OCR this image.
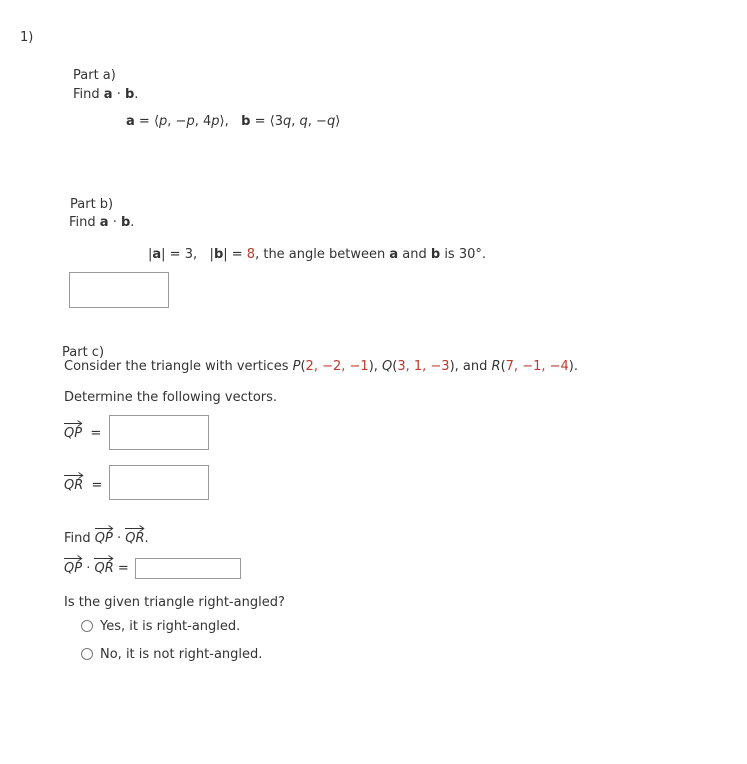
1)
Part a)
Find a · b.
a = ⟨p, −p, 4p⟩, b = ⟨3q, q, −q⟩
Part b)
Find a · b.
|a| = 3, |b| = 8, the angle between a and b is 30°.
Part c)
Consider the triangle with vertices P(2, −2, −1), Q(3, 1, −3), and R(7, −1, −4).
Determine the following vectors.
QP =
QR =
Find
QP ·
QR.
QP ·
QR =
Is the given triangle right-angled?
Yes, it is right-angled.
No, it is not right-angled.
